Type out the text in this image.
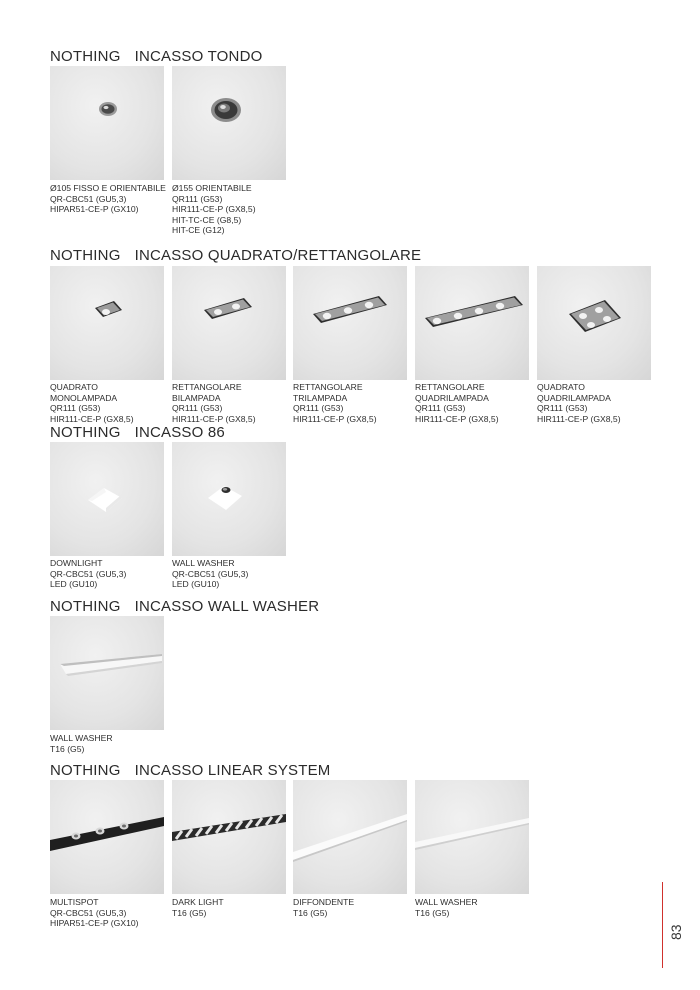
NOTHING INCASSO TONDO
Ø105 FISSO E ORIENTABILE
QR-CBC51 (GU5,3)
HIPAR51-CE-P (GX10)
Ø155 ORIENTABILE
QR111 (G53)
HIR111-CE-P (GX8,5)
HIT-TC-CE (G8,5)
HIT-CE (G12)
NOTHING INCASSO QUADRATO/RETTANGOLARE
QUADRATO
MONOLAMPADA
QR111 (G53)
HIR111-CE-P (GX8,5)
RETTANGOLARE
BILAMPADA
QR111 (G53)
HIR111-CE-P (GX8,5)
RETTANGOLARE
TRILAMPADA
QR111 (G53)
HIR111-CE-P (GX8,5)
RETTANGOLARE
QUADRILAMPADA
QR111 (G53)
HIR111-CE-P (GX8,5)
QUADRATO
QUADRILAMPADA
QR111 (G53)
HIR111-CE-P (GX8,5)
NOTHING INCASSO 86
DOWNLIGHT
QR-CBC51 (GU5,3)
LED (GU10)
WALL WASHER
QR-CBC51 (GU5,3)
LED (GU10)
NOTHING INCASSO WALL WASHER
WALL WASHER
T16 (G5)
NOTHING INCASSO LINEAR SYSTEM
MULTISPOT
QR-CBC51 (GU5,3)
HIPAR51-CE-P (GX10)
DARK LIGHT
T16 (G5)
DIFFONDENTE
T16 (G5)
WALL WASHER
T16 (G5)
83
